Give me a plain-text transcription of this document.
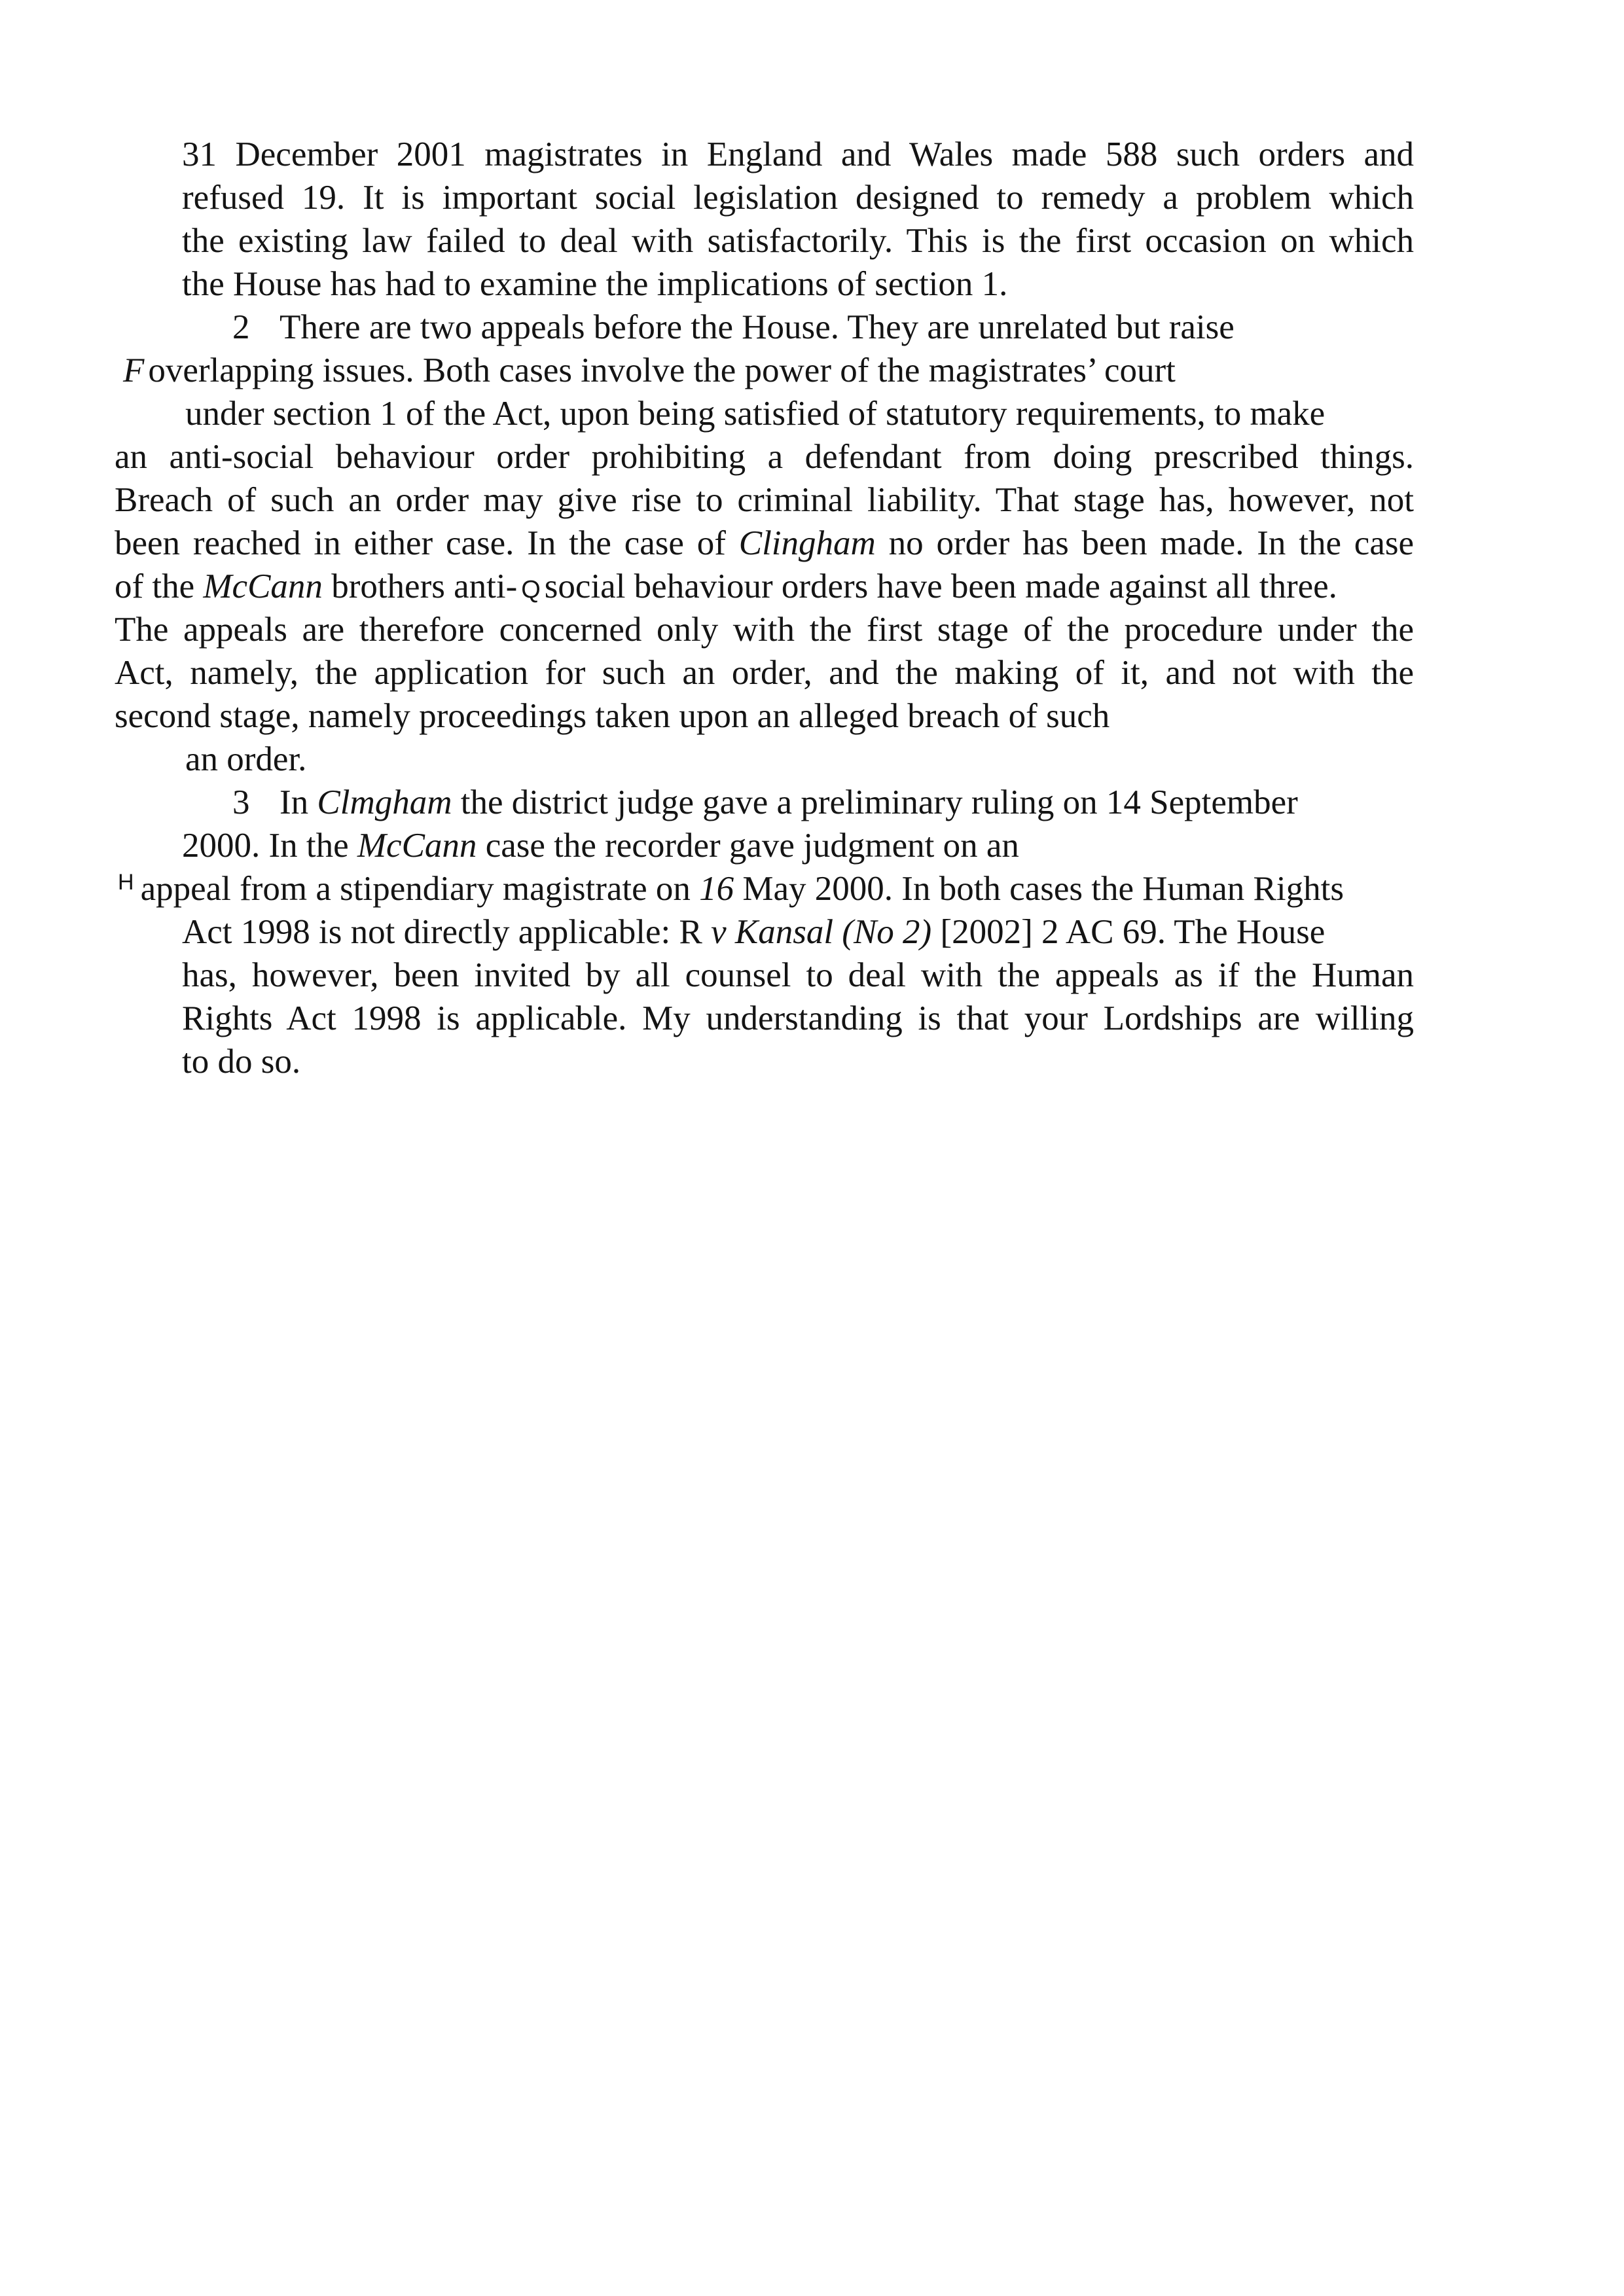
31 December 2001 magistrates in England and Wales made 588 such orders and

refused 19. It is important social legislation designed to remedy a problem which

the existing law failed to deal with satisfactorily. This is the first occasion on which

the House has had to examine the implications of section 1.

2 There are two appeals before the House. They are unrelated but raise

F overlapping issues. Both cases involve the power of the magistrates’ court

under section 1 of the Act, upon being satisfied of statutory requirements, to make

an anti-social behaviour order prohibiting a defendant from doing prescribed things.

Breach of such an order may give rise to criminal liability. That stage has, however, not

been reached in either case. In the case of Clingham no order has been made. In the case

of the McCann brothers anti- Q social behaviour orders have been made against all three.

The appeals are therefore concerned only with the first stage of the procedure under the

Act, namely, the application for such an order, and the making of it, and not with the

second stage, namely proceedings taken upon an alleged breach of such

an order.

3 In Clmgham the district judge gave a preliminary ruling on 14 September

2000. In the McCann case the recorder gave judgment on an

$^H$ appeal from a stipendiary magistrate on 16 May 2000. In both cases the Human Rights

Act 1998 is not directly applicable: R v Kansal (No 2) [2002] 2 AC 69. The House

has, however, been invited by all counsel to deal with the appeals as if the Human

Rights Act 1998 is applicable. My understanding is that your Lordships are willing

to do so.
